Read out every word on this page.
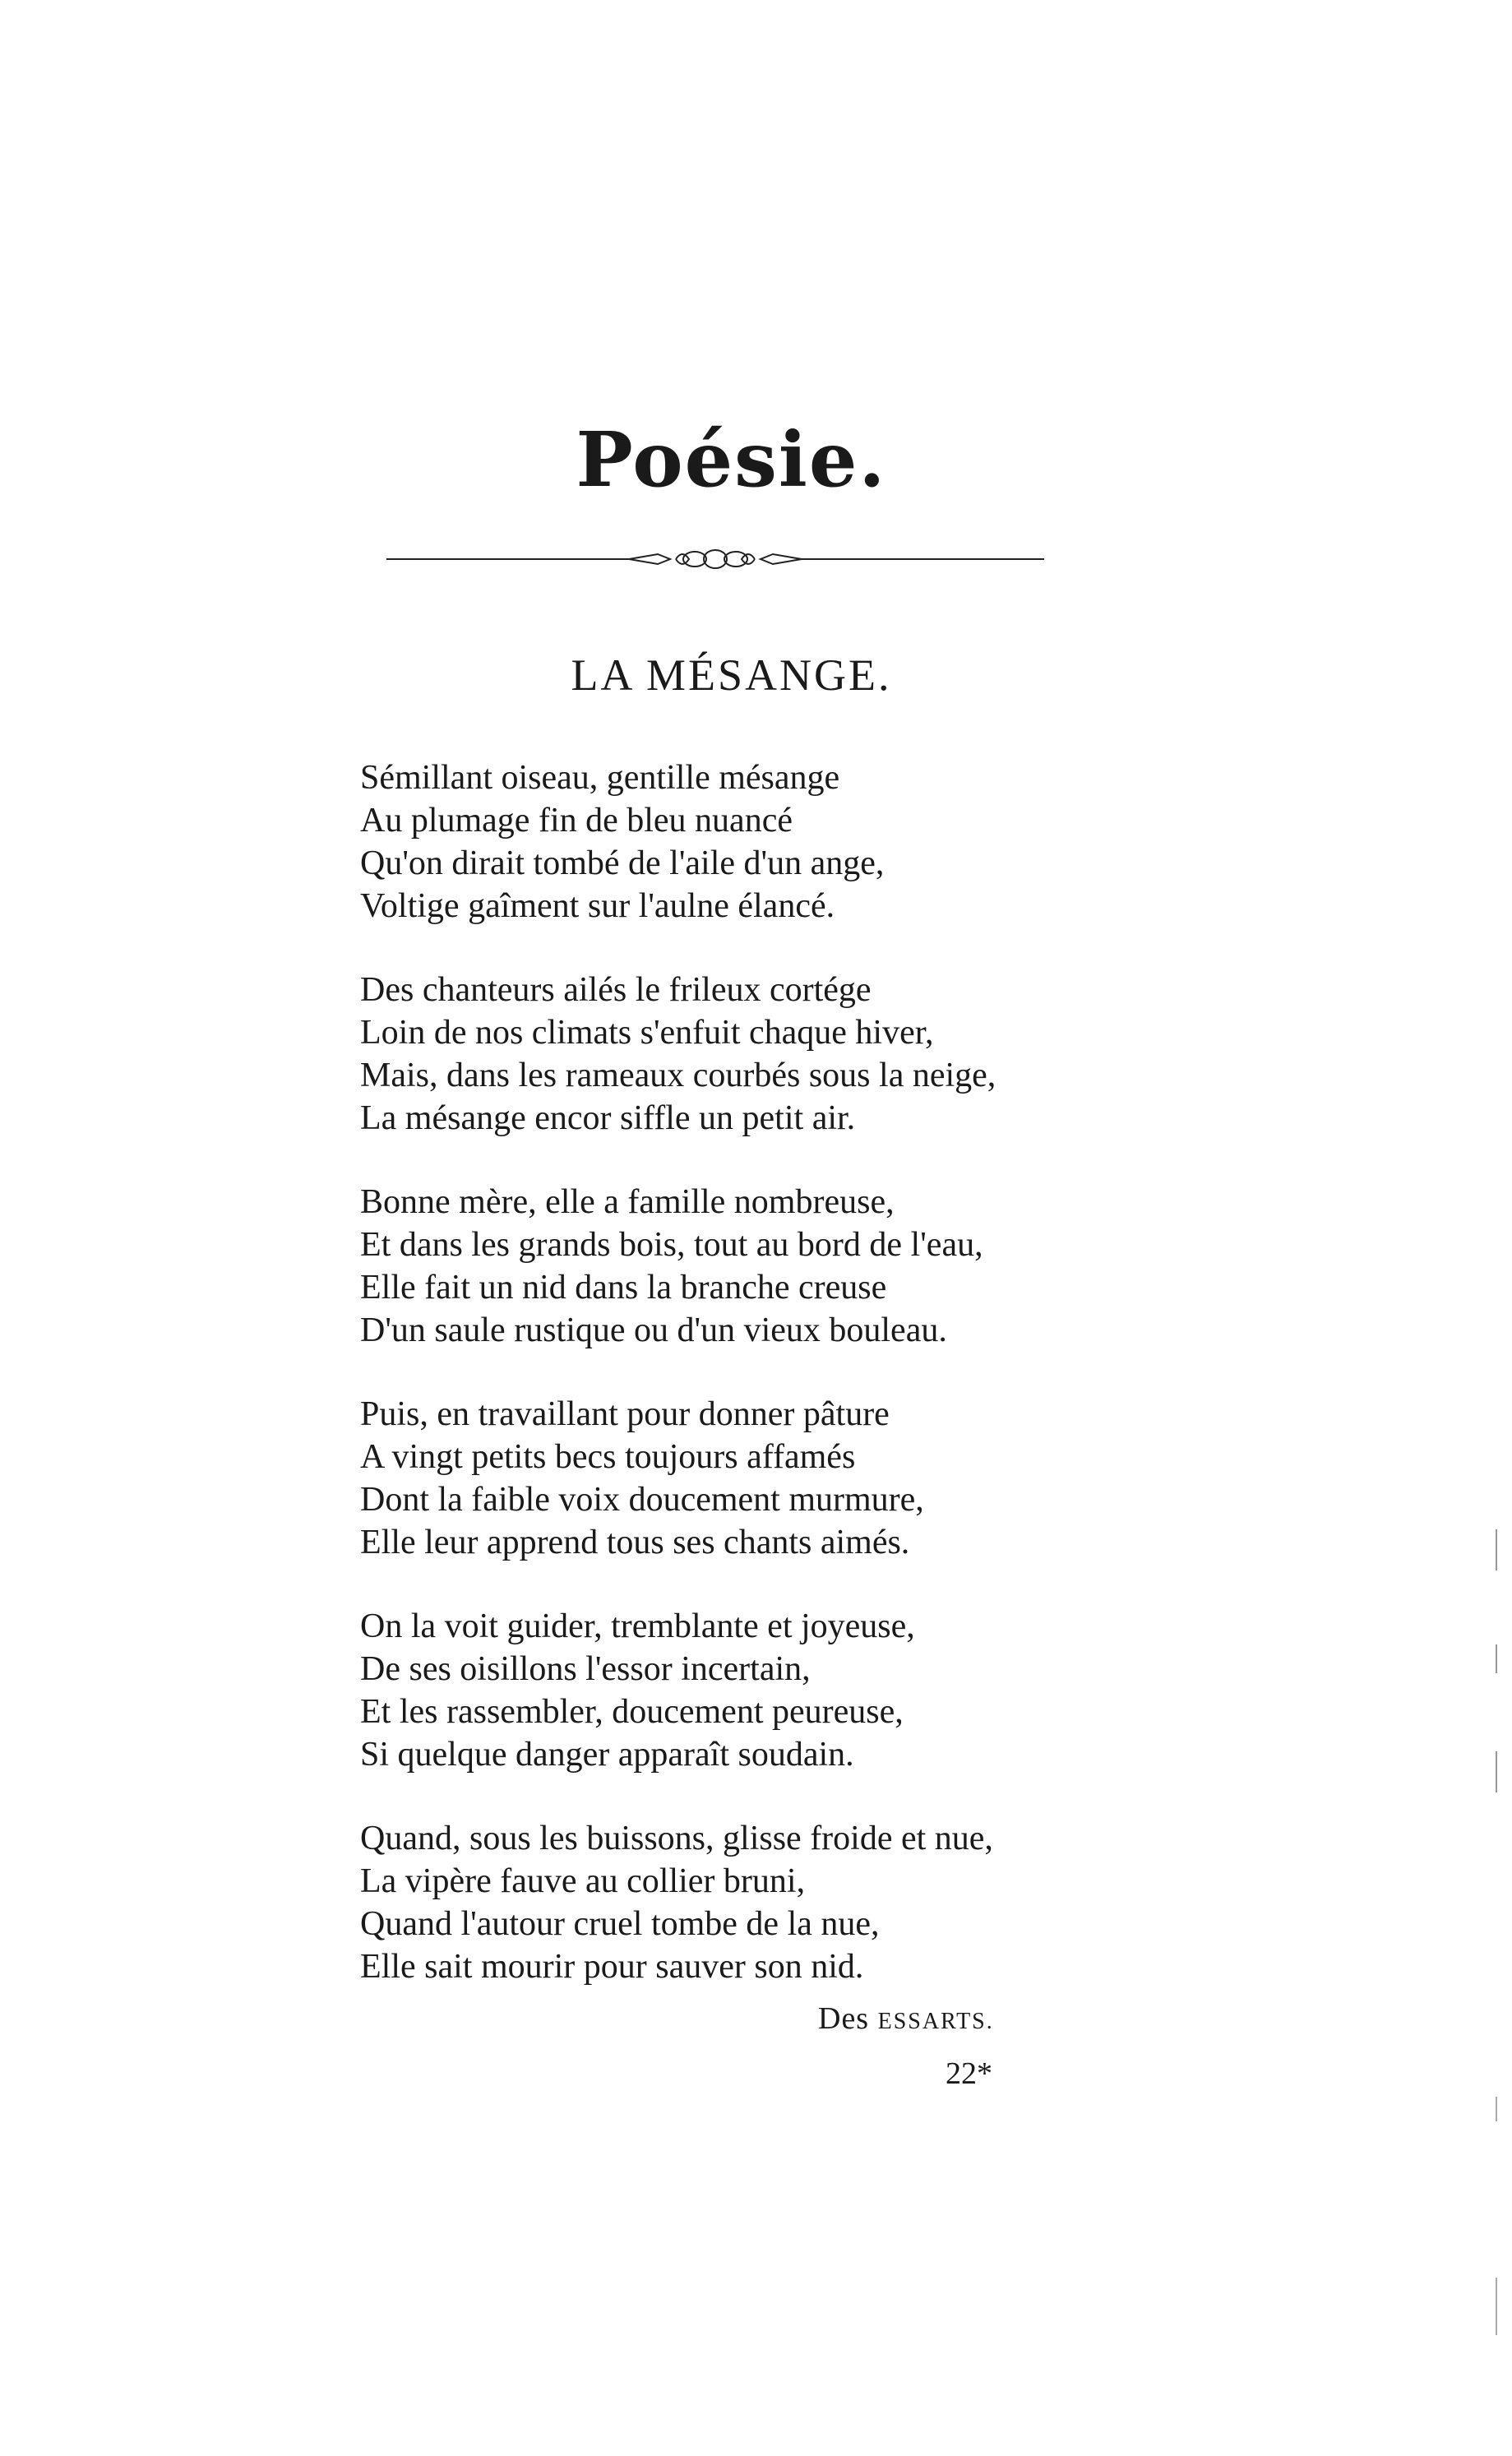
Poésie.
LA MÉSANGE.
Sémillant oiseau, gentille mésange
Au plumage fin de bleu nuancé
Qu'on dirait tombé de l'aile d'un ange,
Voltige gaîment sur l'aulne élancé.
Des chanteurs ailés le frileux cortége
Loin de nos climats s'enfuit chaque hiver,
Mais, dans les rameaux courbés sous la neige,
La mésange encor siffle un petit air.
Bonne mère, elle a famille nombreuse,
Et dans les grands bois, tout au bord de l'eau,
Elle fait un nid dans la branche creuse
D'un saule rustique ou d'un vieux bouleau.
Puis, en travaillant pour donner pâture
A vingt petits becs toujours affamés
Dont la faible voix doucement murmure,
Elle leur apprend tous ses chants aimés.
On la voit guider, tremblante et joyeuse,
De ses oisillons l'essor incertain,
Et les rassembler, doucement peureuse,
Si quelque danger apparaît soudain.
Quand, sous les buissons, glisse froide et nue,
La vipère fauve au collier bruni,
Quand l'autour cruel tombe de la nue,
Elle sait mourir pour sauver son nid.
Des ESSARTS.
22*
